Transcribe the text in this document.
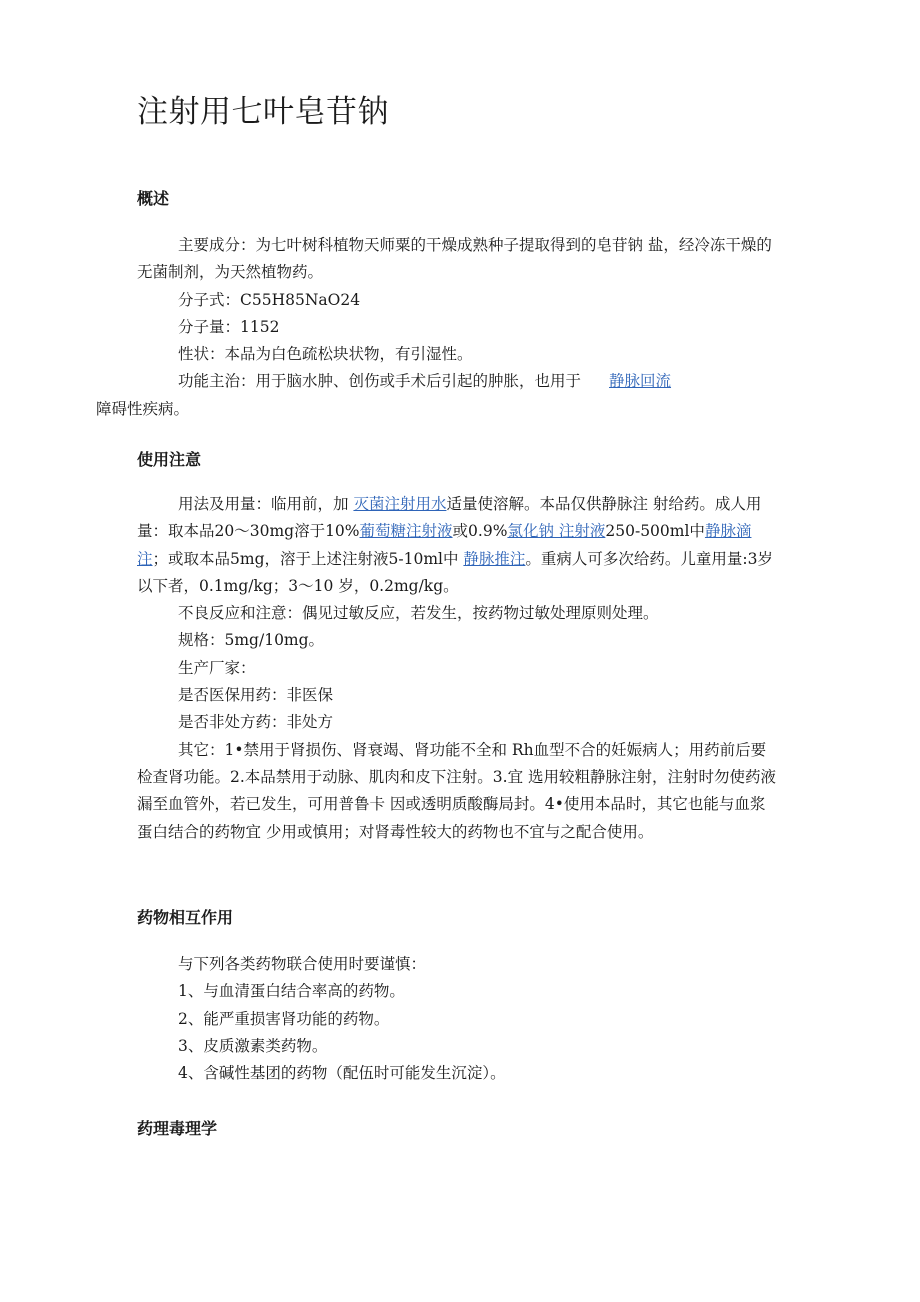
注射用七叶皂苷钠
概述

主要成分：为七叶树科植物天师粟的干燥成熟种子提取得到的皂苷钠 盐，经冷冻干燥的无菌制剂，为天然植物药。

分子式：C55H85NaO24

分子量：1152

性状：本品为白色疏松块状物，有引湿性。

功能主治：用于脑水肿、创伤或手术后引起的肿胀，也用于 静脉回流
障碍性疾病。

使用注意

用法及用量：临用前，加 灭菌注射用水适量使溶解。本品仅供静脉注 射给药。成人用量：取本品20～30mg溶于10%葡萄糖注射液或0.9%氯化钠 注射液250-500ml中静脉滴注；或取本品5mg，溶于上述注射液5-10ml中 静脉推注。重病人可多次给药。儿童用量:3岁以下者，0.1mg/kg；3～10 岁，0.2mg/kg。

不良反应和注意：偶见过敏反应，若发生，按药物过敏处理原则处理。

规格：5mg/10mg。

生产厂家：

是否医保用药：非医保

是否非处方药：非处方

其它：1•禁用于肾损伤、肾衰竭、肾功能不全和 Rh血型不合的妊娠病人；用药前后要检查肾功能。2.本品禁用于动脉、肌肉和皮下注射。3.宜 选用较粗静脉注射，注射时勿使药液漏至血管外，若已发生，可用普鲁卡 因或透明质酸酶局封。4•使用本品时，其它也能与血浆蛋白结合的药物宜 少用或慎用；对肾毒性较大的药物也不宜与之配合使用。

药物相互作用

与下列各类药物联合使用时要谨慎：

1、与血清蛋白结合率高的药物。

2、能严重损害肾功能的药物。

3、皮质激素类药物。

4、含碱性基团的药物（配伍时可能发生沉淀）。

药理毒理学
